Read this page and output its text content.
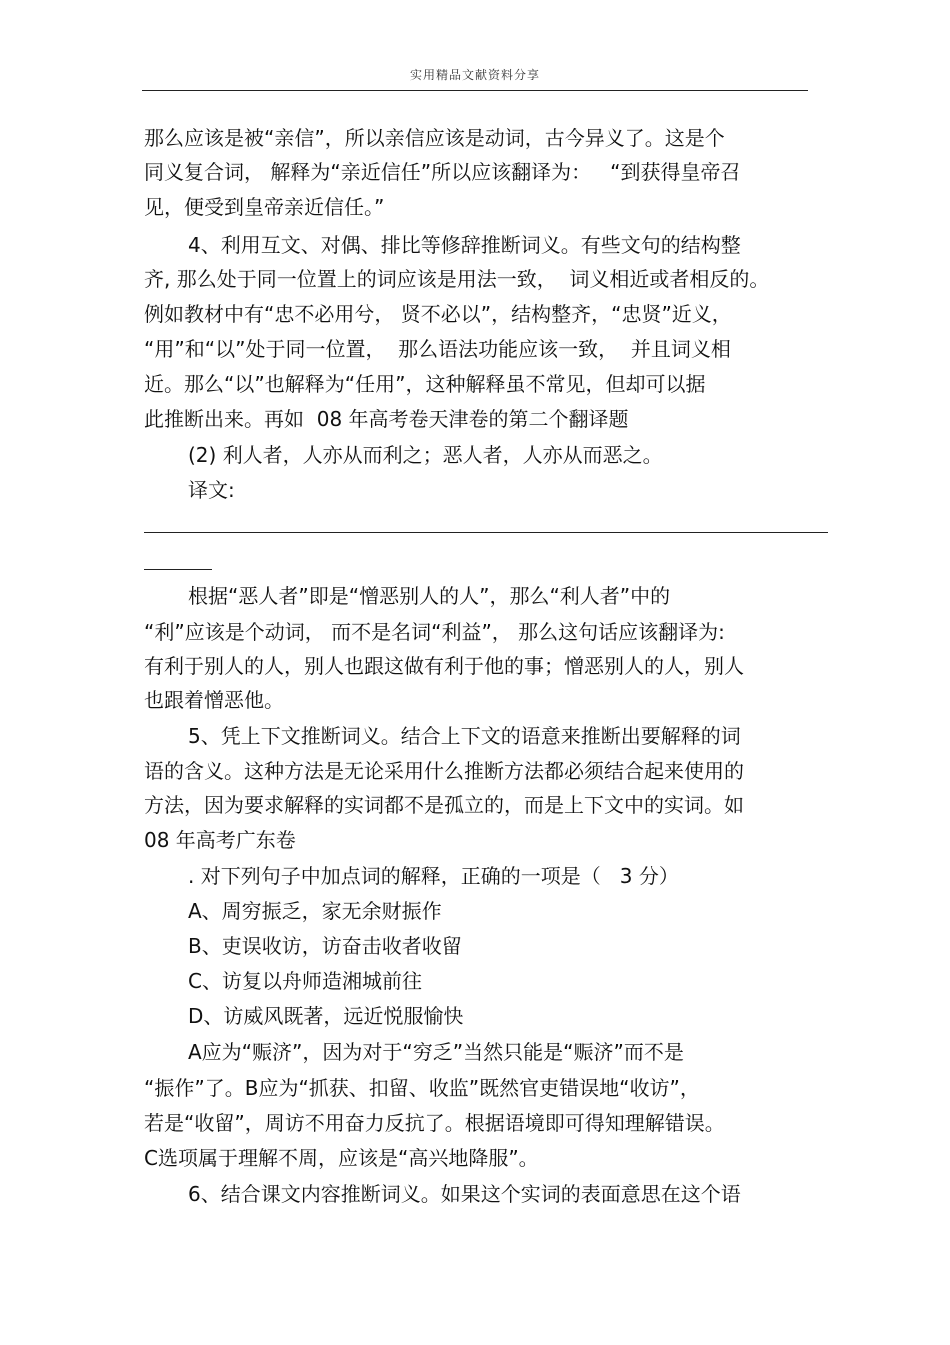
实用精品文献资料分享
那么应该是被“亲信”，所以亲信应该是动词，古今异义了。这是个
同义复合词， 解释为“亲近信任”所以应该翻译为：   “到获得皇帝召
见，便受到皇帝亲近信任。”
4、利用互文、对偶、排比等修辞推断词义。有些文句的结构整
齐, 那么处于同一位置上的词应该是用法一致，  词义相近或者相反的。
例如教材中有“忠不必用兮， 贤不必以”，结构整齐，“忠贤”近义，
“用”和“以”处于同一位置，  那么语法功能应该一致，  并且词义相
近。那么“以”也解释为“任用”，这种解释虽不常见，但却可以据
此推断出来。再如  08 年高考卷天津卷的第二个翻译题
(2) 利人者，人亦从而利之；恶人者，人亦从而恶之。
译文:
根据“恶人者”即是“憎恶别人的人”，那么“利人者”中的
“利”应该是个动词， 而不是名词“利益”， 那么这句话应该翻译为:
有利于别人的人，别人也跟这做有利于他的事；憎恶别人的人，别人
也跟着憎恶他。
5、凭上下文推断词义。结合上下文的语意来推断出要解释的词
语的含义。这种方法是无论采用什么推断方法都必须结合起来使用的
方法，因为要求解释的实词都不是孤立的，而是上下文中的实词。如
08 年高考广东卷
. 对下列句子中加点词的解释，正确的一项是（   3 分）
A、周穷振乏，家无余财振作
B、吏误收访，访奋击收者收留
C、访复以舟师造湘城前往
D、访威风既著，远近悦服愉快
A应为“赈济”，因为对于“穷乏”当然只能是“赈济”而不是
“振作”了。B应为“抓获、扣留、收监”既然官吏错误地“收访”，
若是“收留”，周访不用奋力反抗了。根据语境即可得知理解错误。
C选项属于理解不周，应该是“高兴地降服”。
6、结合课文内容推断词义。如果这个实词的表面意思在这个语
